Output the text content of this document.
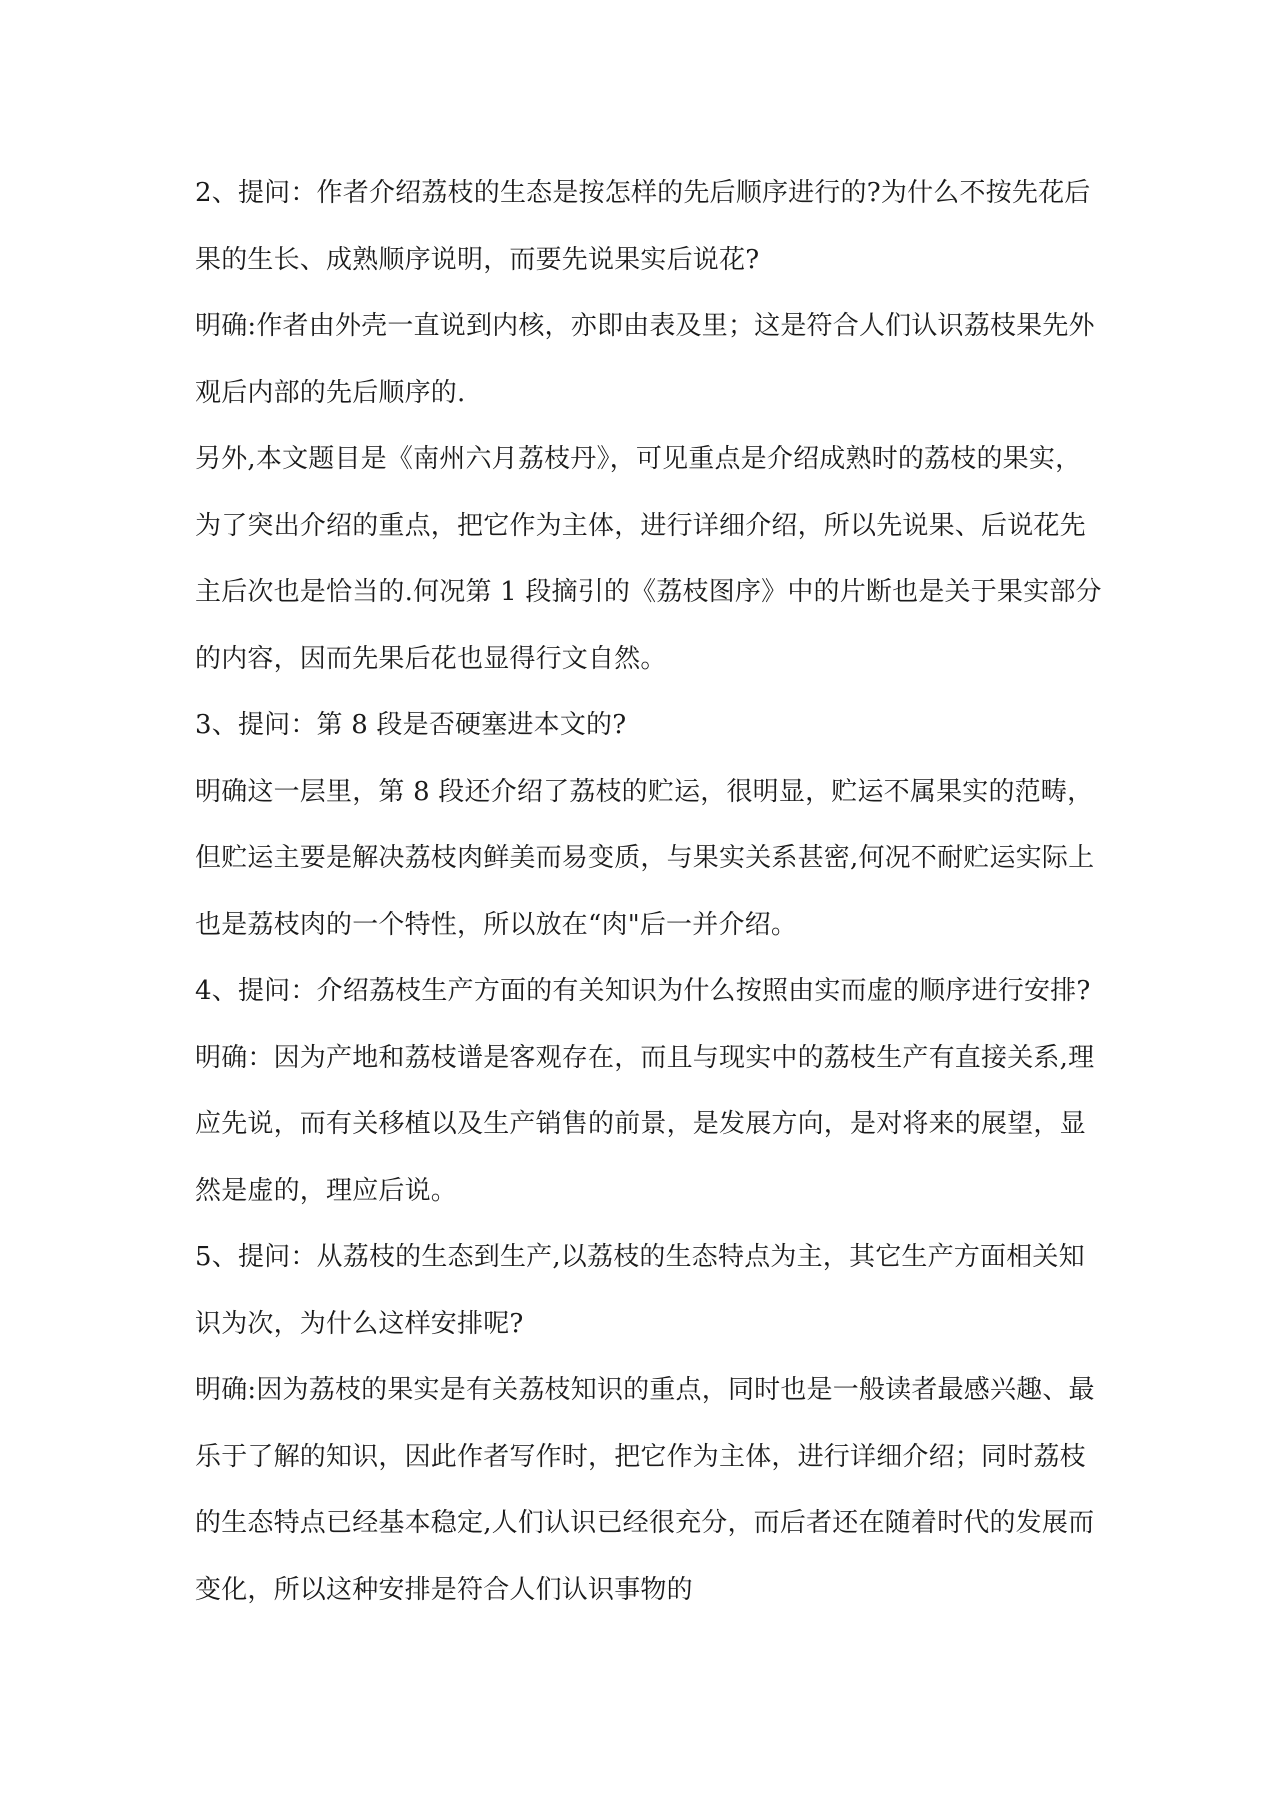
2、提问：作者介绍荔枝的生态是按怎样的先后顺序进行的?为什么不按先花后
果的生长、成熟顺序说明，而要先说果实后说花?
明确:作者由外壳一直说到内核，亦即由表及里；这是符合人们认识荔枝果先外
观后内部的先后顺序的.
另外,本文题目是《南州六月荔枝丹》，可见重点是介绍成熟时的荔枝的果实，
为了突出介绍的重点，把它作为主体，进行详细介绍，所以先说果、后说花先
主后次也是恰当的.何况第 1 段摘引的《荔枝图序》中的片断也是关于果实部分
的内容，因而先果后花也显得行文自然。
3、提问：第 8 段是否硬塞进本文的?
明确这一层里，第 8 段还介绍了荔枝的贮运，很明显，贮运不属果实的范畴，
但贮运主要是解决荔枝肉鲜美而易变质，与果实关系甚密,何况不耐贮运实际上
也是荔枝肉的一个特性，所以放在“肉"后一并介绍。
4、提问：介绍荔枝生产方面的有关知识为什么按照由实而虚的顺序进行安排?
明确：因为产地和荔枝谱是客观存在，而且与现实中的荔枝生产有直接关系,理
应先说，而有关移植以及生产销售的前景，是发展方向，是对将来的展望，显
然是虚的，理应后说。
5、提问：从荔枝的生态到生产,以荔枝的生态特点为主，其它生产方面相关知
识为次，为什么这样安排呢?
明确:因为荔枝的果实是有关荔枝知识的重点，同时也是一般读者最感兴趣、最
乐于了解的知识，因此作者写作时，把它作为主体，进行详细介绍；同时荔枝
的生态特点已经基本稳定,人们认识已经很充分，而后者还在随着时代的发展而
变化，所以这种安排是符合人们认识事物的
